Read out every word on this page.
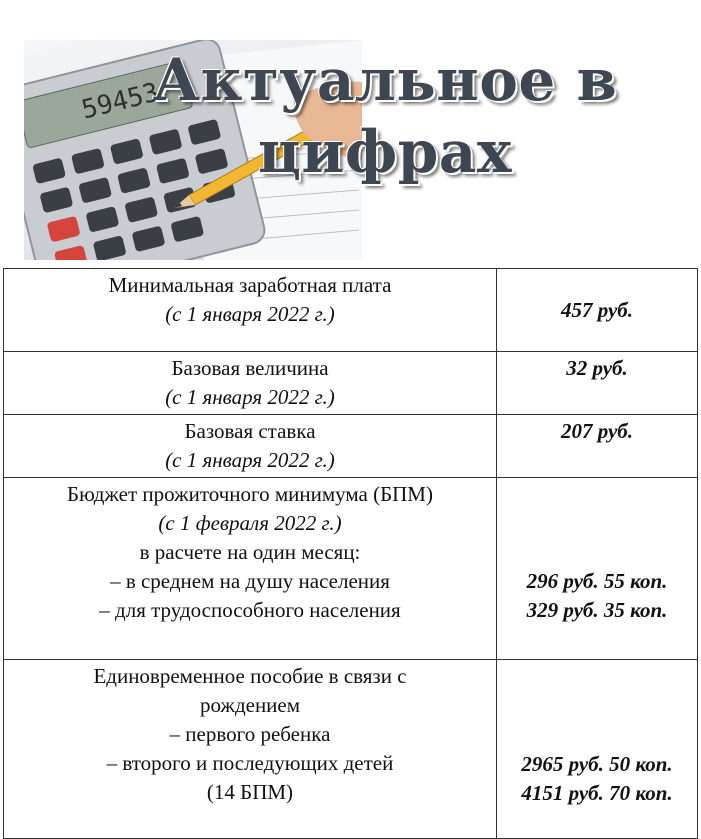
59453
Актуальное в
цифрах
Минимальная заработная плата
(с 1 января 2022 г.)	457 руб.

Базовая величина
(с 1 января 2022 г.)	32 руб.

Базовая ставка
(с 1 января 2022 г.)	207 руб.

Бюджет прожиточного минимума (БПМ)
(с 1 февраля 2022 г.)
в расчете на один месяц:
– в среднем на душу населения
– для трудоспособного населения	296 руб. 55 коп.
329 руб. 35 коп.

Единовременное пособие в связи с
рождением
– первого ребенка
– второго и последующих детей
(14 БПМ)	2965 руб. 50 коп.
4151 руб. 70 коп.
